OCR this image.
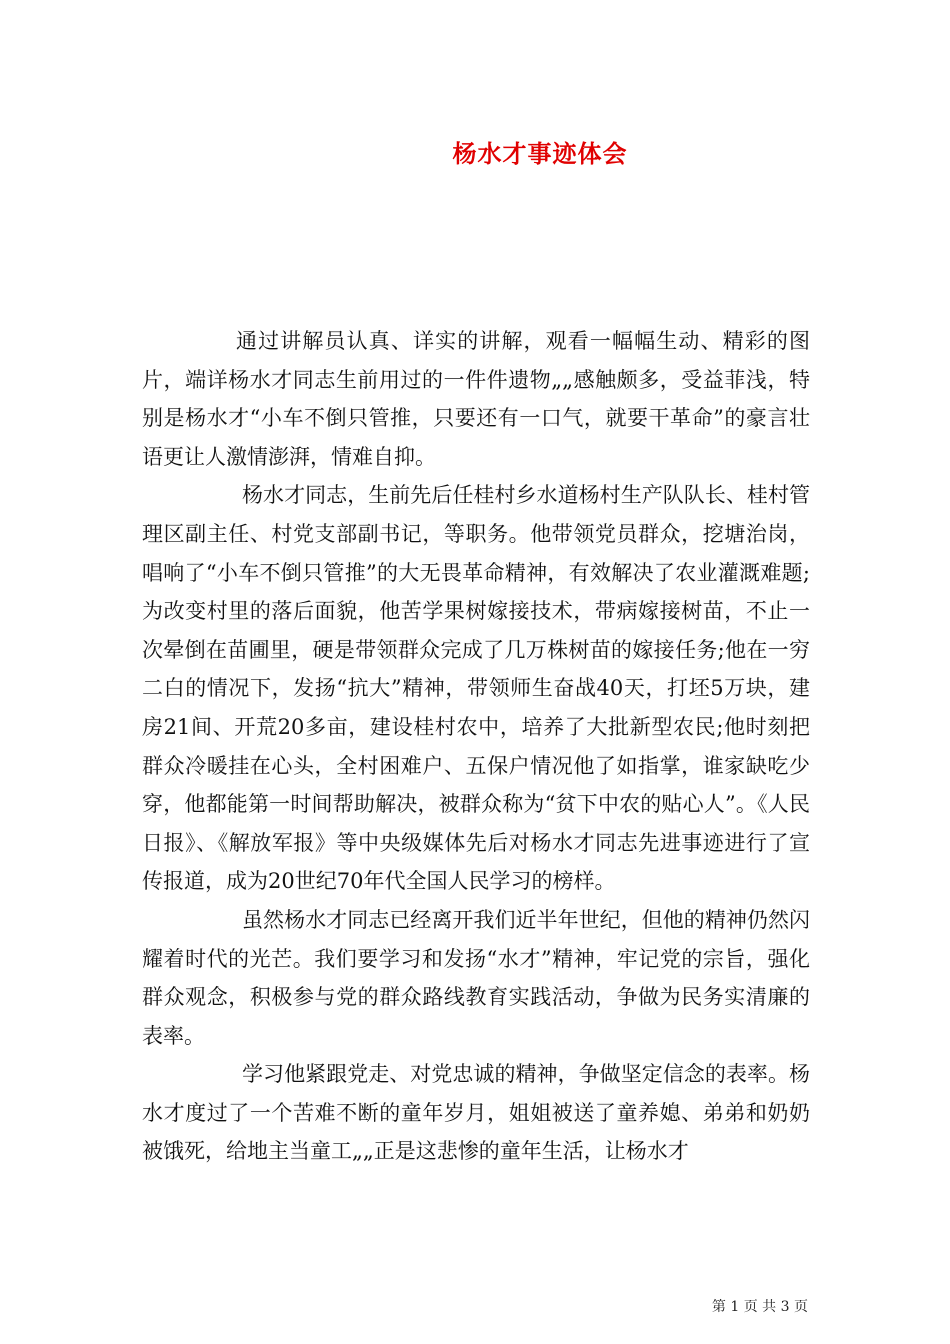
杨水才事迹体会

通过讲解员认真、详实的讲解，观看一幅幅生动、精彩的图片，端详杨水才同志生前用过的一件件遗物„„感触颇多，受益菲浅，特别是杨水才“小车不倒只管推，只要还有一口气，就要干革命”的豪言壮语更让人激情澎湃，情难自抑。

杨水才同志，生前先后任桂村乡水道杨村生产队队长、桂村管理区副主任、村党支部副书记，等职务。他带领党员群众，挖塘治岗，唱响了“小车不倒只管推”的大无畏革命精神，有效解决了农业灌溉难题;为改变村里的落后面貌，他苦学果树嫁接技术，带病嫁接树苗，不止一次晕倒在苗圃里，硬是带领群众完成了几万株树苗的嫁接任务;他在一穷二白的情况下，发扬“抗大”精神，带领师生奋战40天，打坯5万块，建房21间、开荒20多亩，建设桂村农中，培养了大批新型农民;他时刻把群众冷暖挂在心头，全村困难户、五保户情况他了如指掌，谁家缺吃少穿，他都能第一时间帮助解决，被群众称为“贫下中农的贴心人”。《人民日报》、《解放军报》等中央级媒体先后对杨水才同志先进事迹进行了宣传报道，成为20世纪70年代全国人民学习的榜样。

虽然杨水才同志已经离开我们近半年世纪，但他的精神仍然闪耀着时代的光芒。我们要学习和发扬“水才”精神，牢记党的宗旨，强化群众观念，积极参与党的群众路线教育实践活动，争做为民务实清廉的表率。

学习他紧跟党走、对党忠诚的精神，争做坚定信念的表率。杨水才度过了一个苦难不断的童年岁月，姐姐被送了童养媳、弟弟和奶奶被饿死，给地主当童工„„正是这悲惨的童年生活，让杨水才

第 1 页 共 3 页
